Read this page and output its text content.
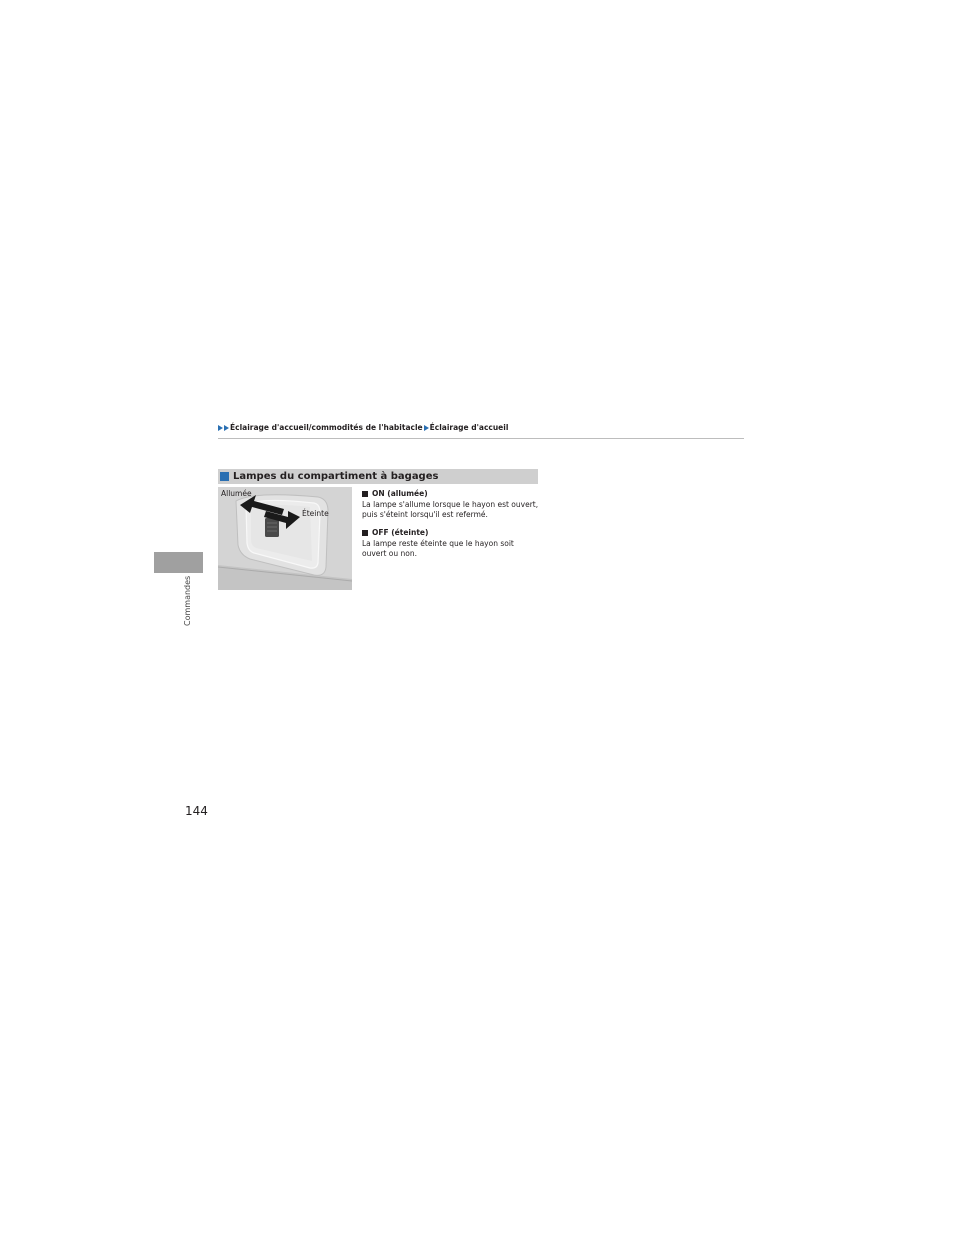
Éclairage d'accueil/commodités de l'habitacle Éclairage d'accueil
Commandes
Lampes du compartiment à bagages
Allumée
Éteinte
ON (allumée)

La lampe s'allume lorsque le hayon est ouvert, puis s'éteint lorsqu'il est refermé.

OFF (éteinte)

La lampe reste éteinte que le hayon soit ouvert ou non.

144
